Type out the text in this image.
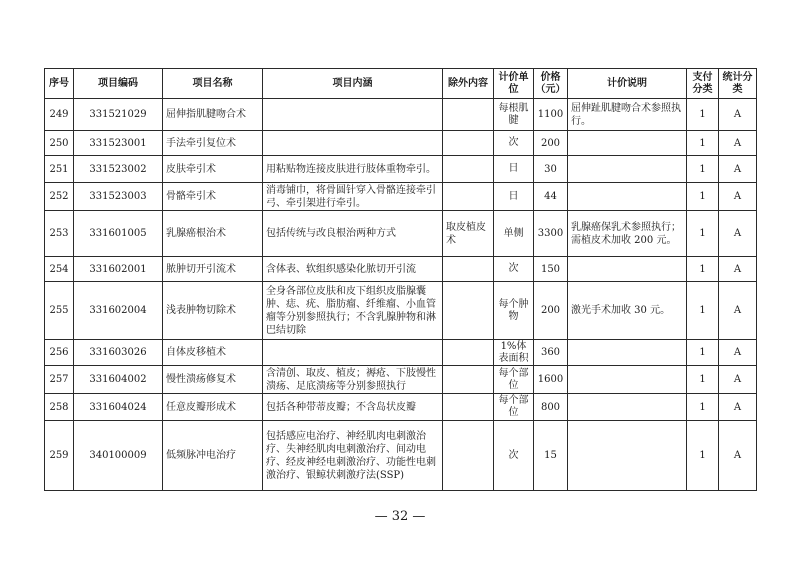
序号	项目编码	项目名称	项目内涵	除外内容	计价单位	价格（元）	计价说明	支付分类	统计分类
249	331521029	屈伸指肌腱吻合术			每根肌腱	1100	屈伸趾肌腱吻合术参照执行。	1	A
250	331523001	手法牵引复位术			次	200		1	A
251	331523002	皮肤牵引术	用粘贴物连接皮肤进行肢体重物牵引。		日	30		1	A
252	331523003	骨骼牵引术	消毒铺巾，将骨圆针穿入骨骼连接牵引弓、牵引架进行牵引。		日	44		1	A
253	331601005	乳腺癌根治术	包括传统与改良根治两种方式	取皮植皮术	单侧	3300	乳腺癌保乳术参照执行；需植皮术加收 200 元。	1	A
254	331602001	脓肿切开引流术	含体表、软组织感染化脓切开引流		次	150		1	A
255	331602004	浅表肿物切除术	全身各部位皮肤和皮下组织皮脂腺囊肿、痣、疣、脂肪瘤、纤维瘤、小血管瘤等分别参照执行；不含乳腺肿物和淋巴结切除		每个肿物	200	激光手术加收 30 元。	1	A
256	331603026	自体皮移植术			1%体表面积	360		1	A
257	331604002	慢性溃疡修复术	含清创、取皮、植皮；褥疮、下肢慢性溃疡、足底溃疡等分别参照执行		每个部位	1600		1	A
258	331604024	任意皮瓣形成术	包括各种带蒂皮瓣；不含岛状皮瓣		每个部位	800		1	A
259	340100009	低频脉冲电治疗	包括感应电治疗、神经肌肉电刺激治疗、失神经肌肉电刺激治疗、间动电疗、经皮神经电刺激治疗、功能性电刺激治疗、银鲸状刺激疗法(SSP)		次	15		1	A
— 32 —
